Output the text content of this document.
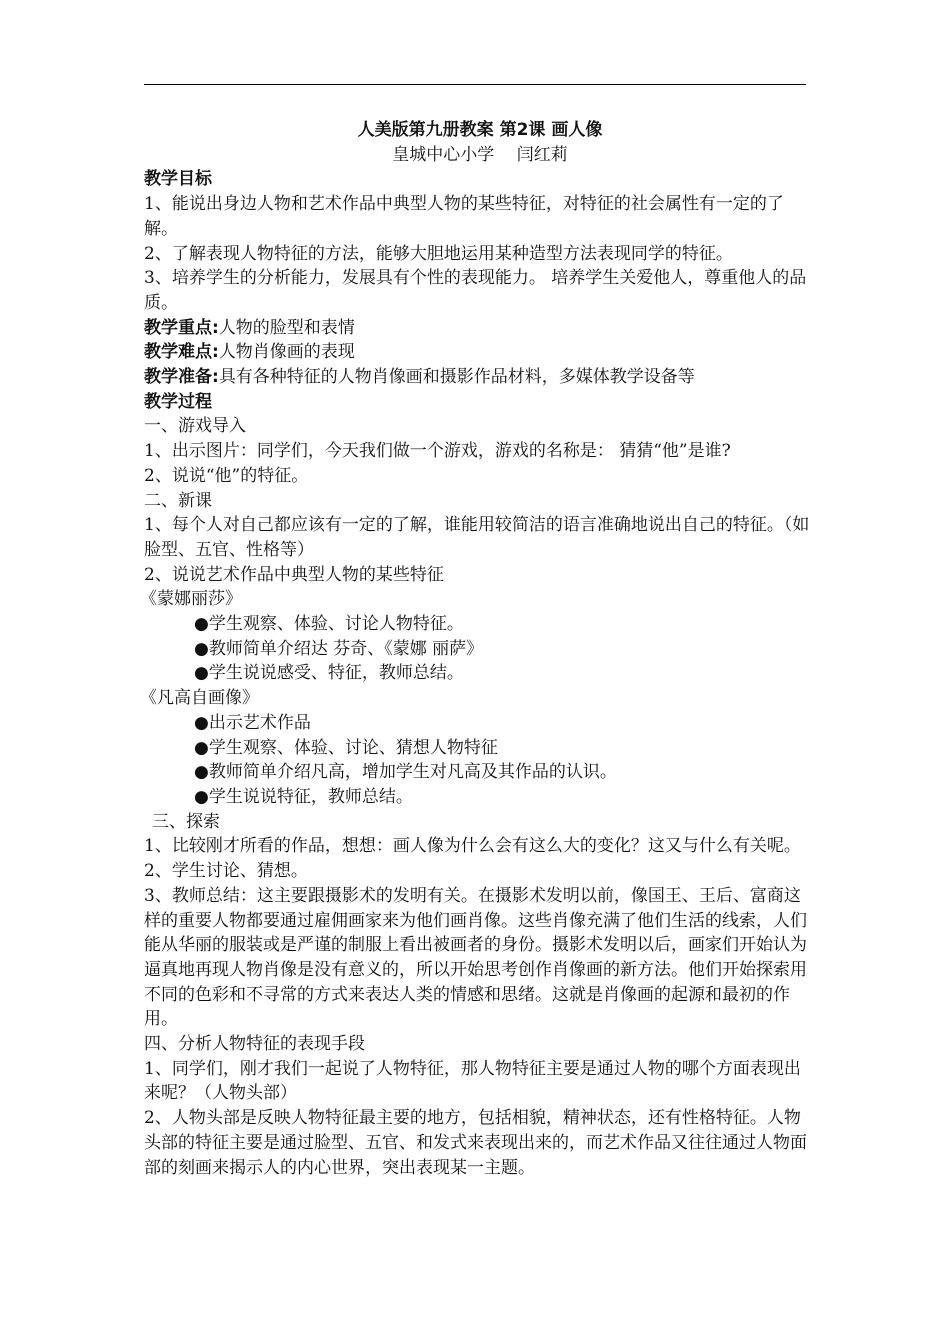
人美版第九册教案 第2课 画人像

皇城中心小学　 闫红莉

教学目标

1、能说出身边人物和艺术作品中典型人物的某些特征，对特征的社会属性有一定的了解。

2、了解表现人物特征的方法，能够大胆地运用某种造型方法表现同学的特征。

3、培养学生的分析能力，发展具有个性的表现能力。 培养学生关爱他人，尊重他人的品质。

教学重点:人物的脸型和表情

教学难点:人物肖像画的表现

教学准备:具有各种特征的人物肖像画和摄影作品材料，多媒体教学设备等

教学过程

一、游戏导入

1、出示图片：同学们，今天我们做一个游戏，游戏的名称是： 猜猜“他”是谁?

2、说说“他”的特征。

二、新课

1、每个人对自己都应该有一定的了解，谁能用较简洁的语言准确地说出自己的特征。（如脸型、五官、性格等）

2、说说艺术作品中典型人物的某些特征

《蒙娜丽莎》

●学生观察、体验、讨论人物特征。

●教师简单介绍达 芬奇、《蒙娜 丽萨》

●学生说说感受、特征，教师总结。

《凡高自画像》

●出示艺术作品

●学生观察、体验、讨论、猜想人物特征

●教师简单介绍凡高，增加学生对凡高及其作品的认识。

●学生说说特征，教师总结。

三、探索

1、比较刚才所看的作品，想想：画人像为什么会有这么大的变化？这又与什么有关呢。

2、学生讨论、猜想。

3、教师总结：这主要跟摄影术的发明有关。在摄影术发明以前，像国王、王后、富商这样的重要人物都要通过雇佣画家来为他们画肖像。这些肖像充满了他们生活的线索，人们能从华丽的服装或是严谨的制服上看出被画者的身份。摄影术发明以后，画家们开始认为逼真地再现人物肖像是没有意义的，所以开始思考创作肖像画的新方法。他们开始探索用不同的色彩和不寻常的方式来表达人类的情感和思绪。这就是肖像画的起源和最初的作用。

四、分析人物特征的表现手段

1、同学们，刚才我们一起说了人物特征，那人物特征主要是通过人物的哪个方面表现出来呢？（人物头部）

2、人物头部是反映人物特征最主要的地方，包括相貌，精神状态，还有性格特征。人物头部的特征主要是通过脸型、五官、和发式来表现出来的，而艺术作品又往往通过人物面部的刻画来揭示人的内心世界，突出表现某一主题。
